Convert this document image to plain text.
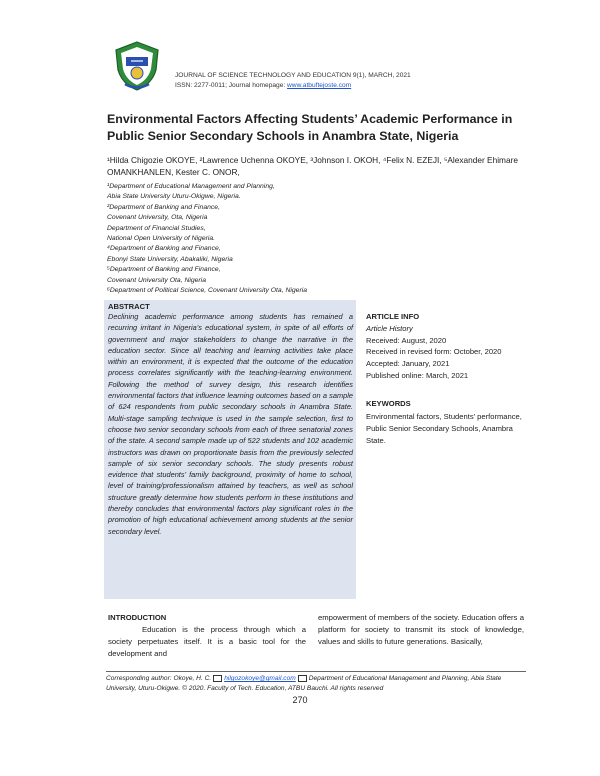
JOURNAL OF SCIENCE TECHNOLOGY AND EDUCATION 9(1), MARCH, 2021
ISSN: 2277-0011; Journal homepage: www.atbuftejoste.com
Environmental Factors Affecting Students’ Academic Performance in Public Senior Secondary Schools in Anambra State, Nigeria
¹Hilda Chigozie OKOYE, ²Lawrence Uchenna OKOYE, ³Johnson I. OKOH, ⁴Felix N. EZEJI, ⁵Alexander Ehimare OMANKHANLEN, Kester C. ONOR,
¹Department of Educational Management and Planning,
Abia State University Uturu-Okigwe, Nigeria.
²Department of Banking and Finance,
Covenant University, Ota, Nigeria
Department of Financial Studies,
National Open University of Nigeria.
⁴Department of Banking and Finance,
Ebonyi State University, Abakaliki, Nigeria
⁵Department of Banking and Finance,
Covenant University Ota, Nigeria
⁶Department of Political Science, Covenant University Ota, Nigeria
ABSTRACT
Declining academic performance among students has remained a recurring irritant in Nigeria’s educational system, in spite of all efforts of government and major stakeholders to change the narrative in the education sector. Since all teaching and learning activities take place within an environment, it is expected that the outcome of the education process correlates significantly with the teaching-learning environment. Following the method of survey design, this research identifies environmental factors that influence learning outcomes based on a sample of 624 respondents from public secondary schools in Anambra State. Multi-stage sampling technique is used in the sample selection, first to choose two senior secondary schools from each of three senatorial zones of the state. A second sample made up of 522 students and 102 academic instructors was drawn on proportionate basis from the previously selected sample of six senior secondary schools. The study presents robust evidence that students’ family background, proximity of home to school, level of training/professionalism attained by teachers, as well as school structure greatly determine how students perform in these institutions and thereby concludes that environmental factors play significant roles in the promotion of high educational achievement among students at the senior secondary level.
ARTICLE INFO
Article History
Received: August, 2020
Received in revised form: October, 2020
Accepted: January, 2021
Published online: March, 2021
KEYWORDS
Environmental factors, Students’ performance, Public Senior Secondary Schools, Anambra State.
INTRODUCTION
Education is the process through which a society perpetuates itself. It is a basic tool for the development and
empowerment of members of the society. Education offers a platform for society to transmit its stock of knowledge, values and skills to future generations. Basically,
Corresponding author: Okoye, H. C. hilgozokoye@gmail.com Department of Educational Management and Planning, Abia State University, Uturu-Okigwe. © 2020. Faculty of Tech. Education, ATBU Bauchi. All rights reserved
270
